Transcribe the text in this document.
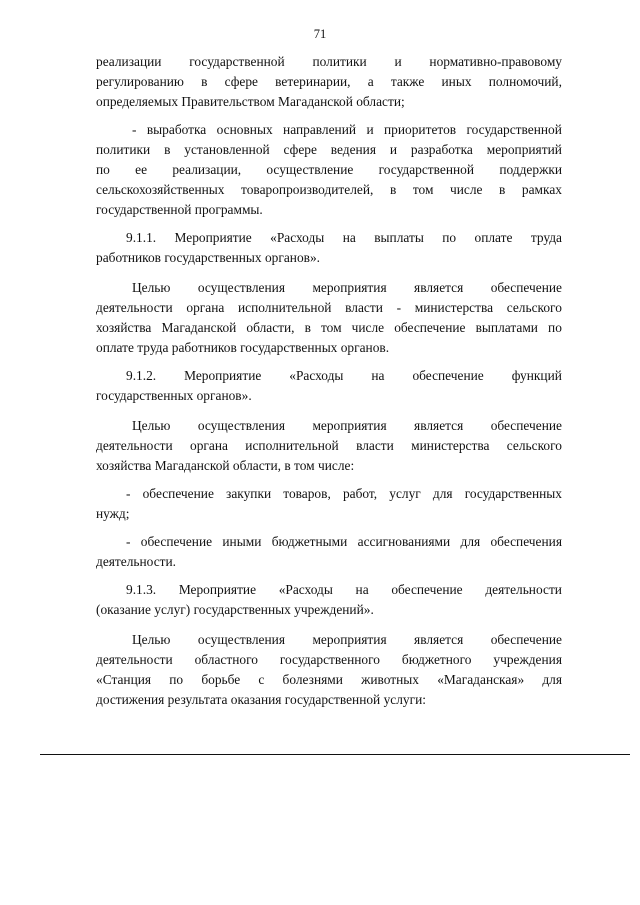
71
реализации государственной политики и нормативно-правовому
регулированию в сфере ветеринарии, а также иных полномочий,
определяемых Правительством Магаданской области;
- выработка основных направлений и приоритетов государственной
политики в установленной сфере ведения и разработка мероприятий
по ее реализации, осуществление государственной поддержки
сельскохозяйственных товаропроизводителей, в том числе в рамках
государственной программы.
9.1.1. Мероприятие «Расходы на выплаты по оплате труда
работников государственных органов».
Целью осуществления мероприятия является обеспечение
деятельности органа исполнительной власти - министерства сельского
хозяйства Магаданской области, в том числе обеспечение выплатами по
оплате труда работников государственных органов.
9.1.2. Мероприятие «Расходы на обеспечение функций
государственных органов».
Целью осуществления мероприятия является обеспечение
деятельности органа исполнительной власти министерства сельского
хозяйства Магаданской области, в том числе:
- обеспечение закупки товаров, работ, услуг для государственных
нужд;
- обеспечение иными бюджетными ассигнованиями для обеспечения
деятельности.
9.1.3. Мероприятие «Расходы на обеспечение деятельности
(оказание услуг) государственных учреждений».
Целью осуществления мероприятия является обеспечение
деятельности областного государственного бюджетного учреждения
«Станция по борьбе с болезнями животных «Магаданская» для
достижения результата оказания государственной услуги:
